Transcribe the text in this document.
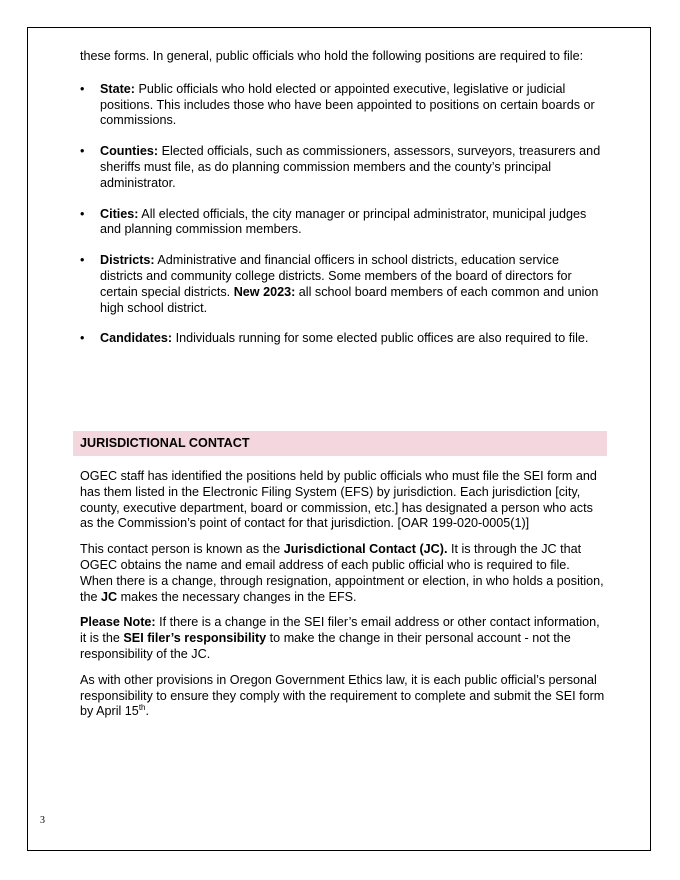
these forms. In general, public officials who hold the following positions are required to file:

• State: Public officials who hold elected or appointed executive, legislative or judicial positions. This includes those who have been appointed to positions on certain boards or commissions.
• Counties: Elected officials, such as commissioners, assessors, surveyors, treasurers and sheriffs must file, as do planning commission members and the county’s principal administrator.
• Cities: All elected officials, the city manager or principal administrator, municipal judges and planning commission members.
• Districts: Administrative and financial officers in school districts, education service districts and community college districts. Some members of the board of directors for certain special districts. New 2023: all school board members of each common and union high school district.
• Candidates: Individuals running for some elected public offices are also required to file.
JURISDICTIONAL CONTACT

OGEC staff has identified the positions held by public officials who must file the SEI form and has them listed in the Electronic Filing System (EFS) by jurisdiction. Each jurisdiction [city, county, executive department, board or commission, etc.] has designated a person who acts as the Commission’s point of contact for that jurisdiction. [OAR 199-020-0005(1)]

This contact person is known as the Jurisdictional Contact (JC). It is through the JC that OGEC obtains the name and email address of each public official who is required to file. When there is a change, through resignation, appointment or election, in who holds a position, the JC makes the necessary changes in the EFS.

Please Note: If there is a change in the SEI filer’s email address or other contact information, it is the SEI filer’s responsibility to make the change in their personal account - not the responsibility of the JC.

As with other provisions in Oregon Government Ethics law, it is each public official’s personal responsibility to ensure they comply with the requirement to complete and submit the SEI form by April 15th.

3
